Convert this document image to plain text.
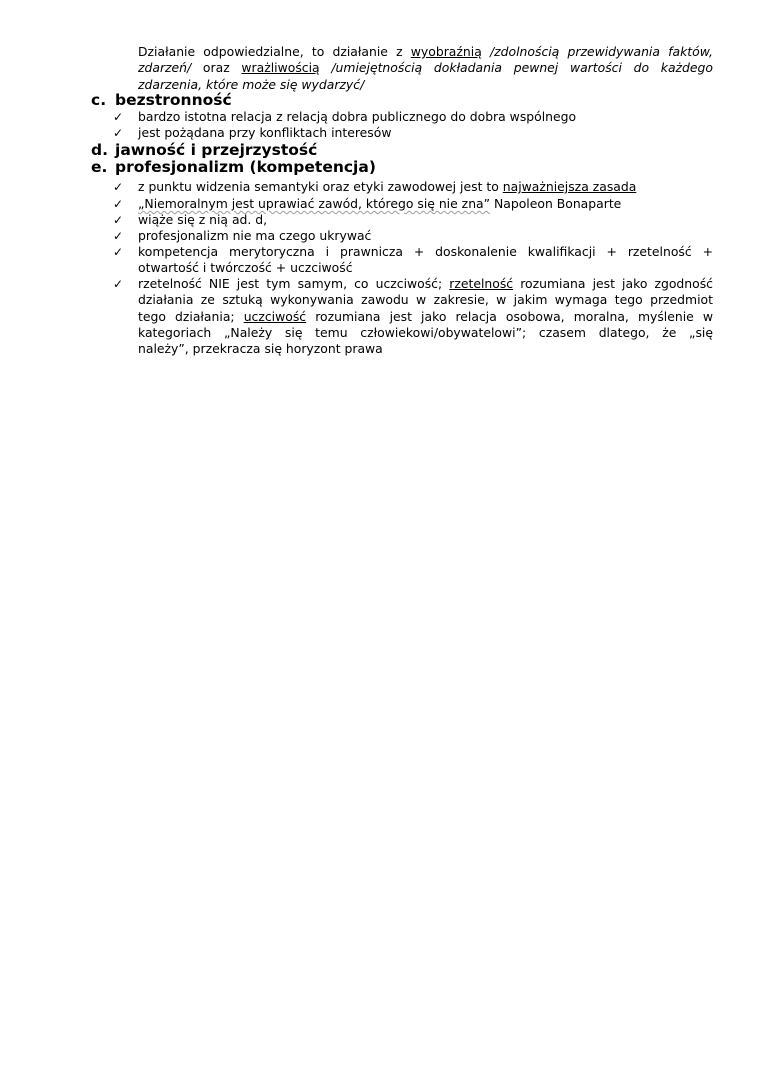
Działanie odpowiedzialne, to działanie z wyobraźnią /zdolnością przewidywania faktów,
zdarzeń/ oraz wrażliwością /umiejętnością dokładania pewnej wartości do każdego
zdarzenia, które może się wydarzyć/
c. bezstronność
✓	bardzo istotna relacja z relacją dobra publicznego do dobra wspólnego
✓	jest pożądana przy konfliktach interesów
d. jawność i przejrzystość
e. profesjonalizm (kompetencja)
✓	z punktu widzenia semantyki oraz etyki zawodowej jest to najważniejsza zasada
✓	„Niemoralnym jest uprawiać zawód, którego się nie zna” Napoleon Bonaparte
✓	wiąże się z nią ad. d,
✓	profesjonalizm nie ma czego ukrywać
✓	kompetencja merytoryczna i prawnicza + doskonalenie kwalifikacji + rzetelność +
otwartość i twórczość + uczciwość
✓	rzetelność NIE jest tym samym, co uczciwość; rzetelność rozumiana jest jako zgodność
działania ze sztuką wykonywania zawodu w zakresie, w jakim wymaga tego przedmiot
tego działania; uczciwość rozumiana jest jako relacja osobowa, moralna, myślenie w
kategoriach „Należy się temu człowiekowi/obywatelowi”; czasem dlatego, że „się
należy”, przekracza się horyzont prawa
